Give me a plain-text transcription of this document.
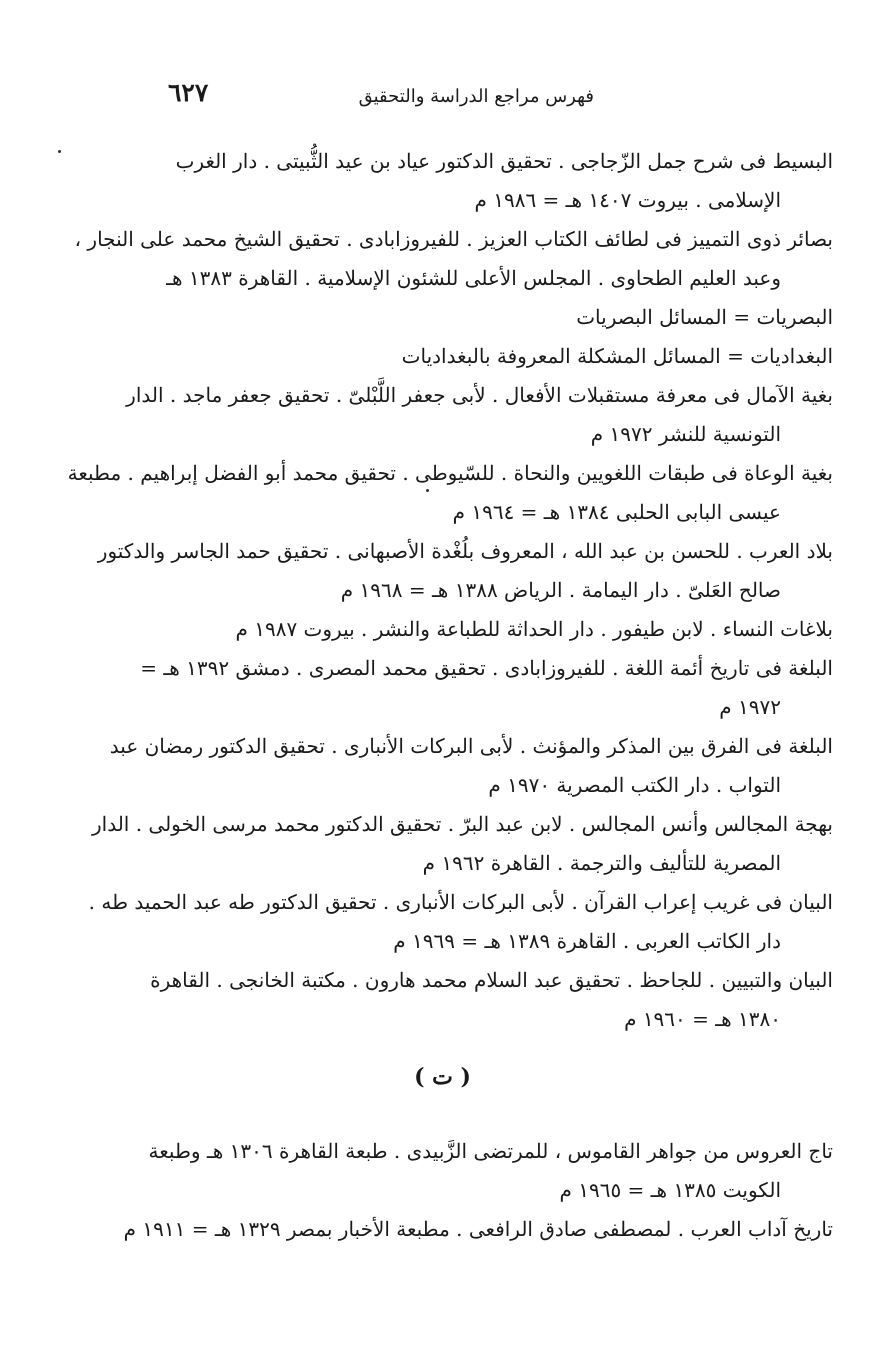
٦٢٧	فهرس مراجع الدراسة والتحقيق
البسيط فى شرح جمل الزّجاجى . تحقيق الدكتور عياد بن عيد الثُّبيتى . دار الغرب
الإسلامى . بيروت ١٤٠٧ هـ = ١٩٨٦ م
بصائر ذوى التمييز فى لطائف الكتاب العزيز . للفيروزابادى . تحقيق الشيخ محمد على النجار ،
وعبد العليم الطحاوى . المجلس الأعلى للشئون الإسلامية . القاهرة ١٣٨٣ هـ
البصريات = المسائل البصريات
البغداديات = المسائل المشكلة المعروفة بالبغداديات
بغية الآمال فى معرفة مستقبلات الأفعال . لأبى جعفر اللَّبْلىّ . تحقيق جعفر ماجد . الدار
التونسية للنشر ١٩٧٢ م
بغية الوعاة فى طبقات اللغويين والنحاة . للسّيوطى . تحقيق محمد أبو الفضل إبراهيم . مطبعة
عيسى البابى الحلبى ١٣٨٤ هـ = ١٩٦٤ م
بلاد العرب . للحسن بن عبد الله ، المعروف بلُغْدة الأصبهانى . تحقيق حمد الجاسر والدكتور
صالح العَلىّ . دار اليمامة . الرياض ١٣٨٨ هـ = ١٩٦٨ م
بلاغات النساء . لابن طيفور . دار الحداثة للطباعة والنشر . بيروت ١٩٨٧ م
البلغة فى تاريخ أئمة اللغة . للفيروزابادى . تحقيق محمد المصرى . دمشق ١٣٩٢ هـ =
١٩٧٢ م
البلغة فى الفرق بين المذكر والمؤنث . لأبى البركات الأنبارى . تحقيق الدكتور رمضان عبد
التواب . دار الكتب المصرية ١٩٧٠ م
بهجة المجالس وأنس المجالس . لابن عبد البرّ . تحقيق الدكتور محمد مرسى الخولى . الدار
المصرية للتأليف والترجمة . القاهرة ١٩٦٢ م
البيان فى غريب إعراب القرآن . لأبى البركات الأنبارى . تحقيق الدكتور طه عبد الحميد طه .
دار الكاتب العربى . القاهرة ١٣٨٩ هـ = ١٩٦٩ م
البيان والتبيين . للجاحظ . تحقيق عبد السلام محمد هارون . مكتبة الخانجى . القاهرة
١٣٨٠ هـ = ١٩٦٠ م
( ت )
تاج العروس من جواهر القاموس ، للمرتضى الزَّبيدى . طبعة القاهرة ١٣٠٦ هـ وطبعة
الكويت ١٣٨٥ هـ = ١٩٦٥ م
تاريخ آداب العرب . لمصطفى صادق الرافعى . مطبعة الأخبار بمصر ١٣٢٩ هـ = ١٩١١ م
